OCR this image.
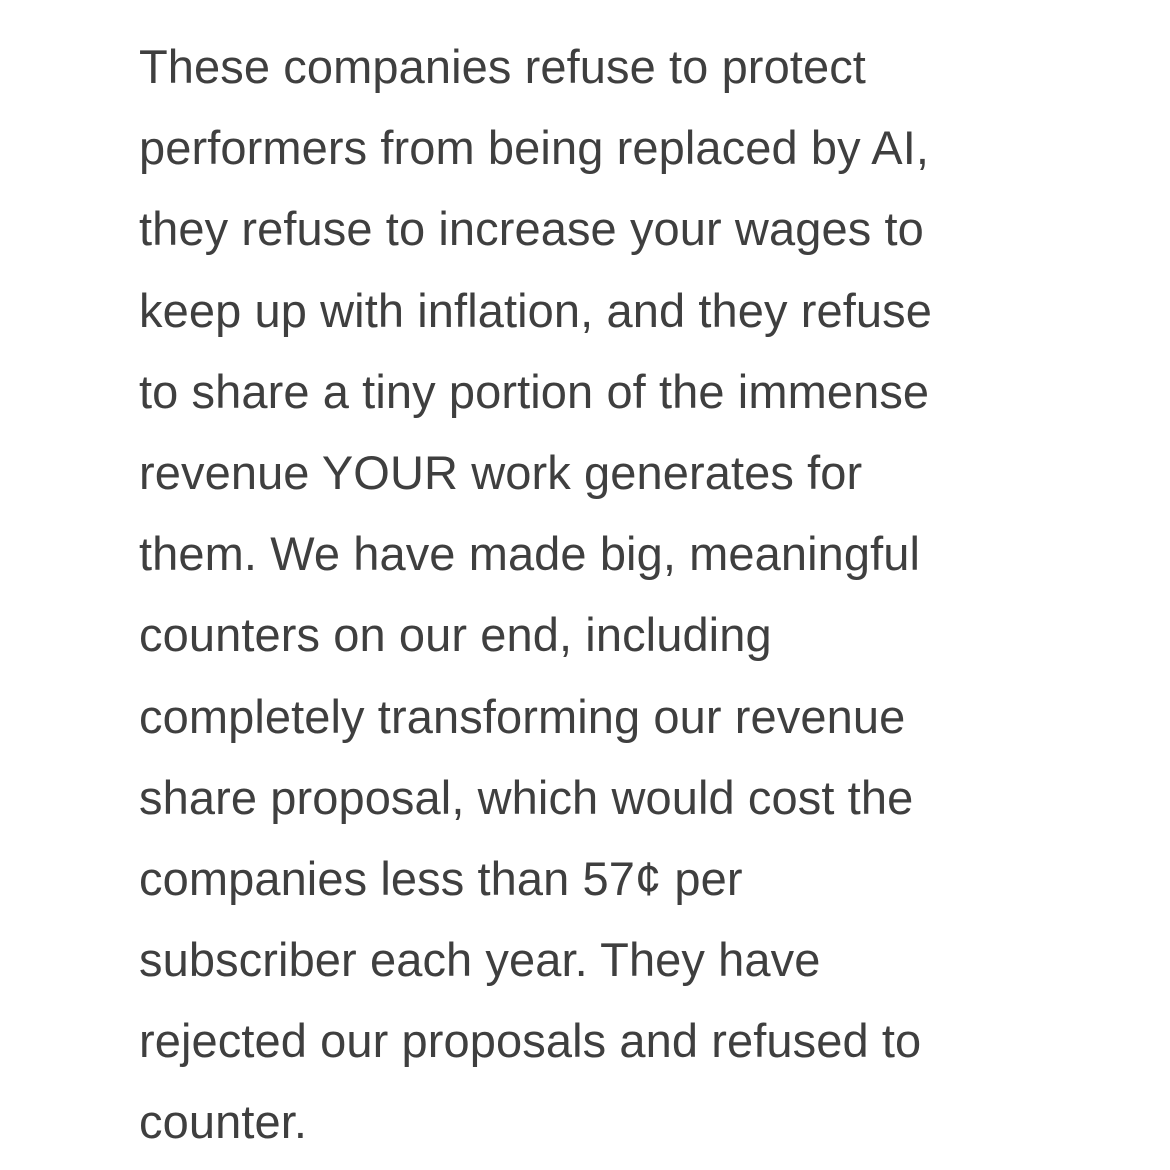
These companies refuse to protect
performers from being replaced by AI,
they refuse to increase your wages to
keep up with inflation, and they refuse
to share a tiny portion of the immense
revenue YOUR work generates for
them. We have made big, meaningful
counters on our end, including
completely transforming our revenue
share proposal, which would cost the
companies less than 57¢ per
subscriber each year. They have
rejected our proposals and refused to
counter.
